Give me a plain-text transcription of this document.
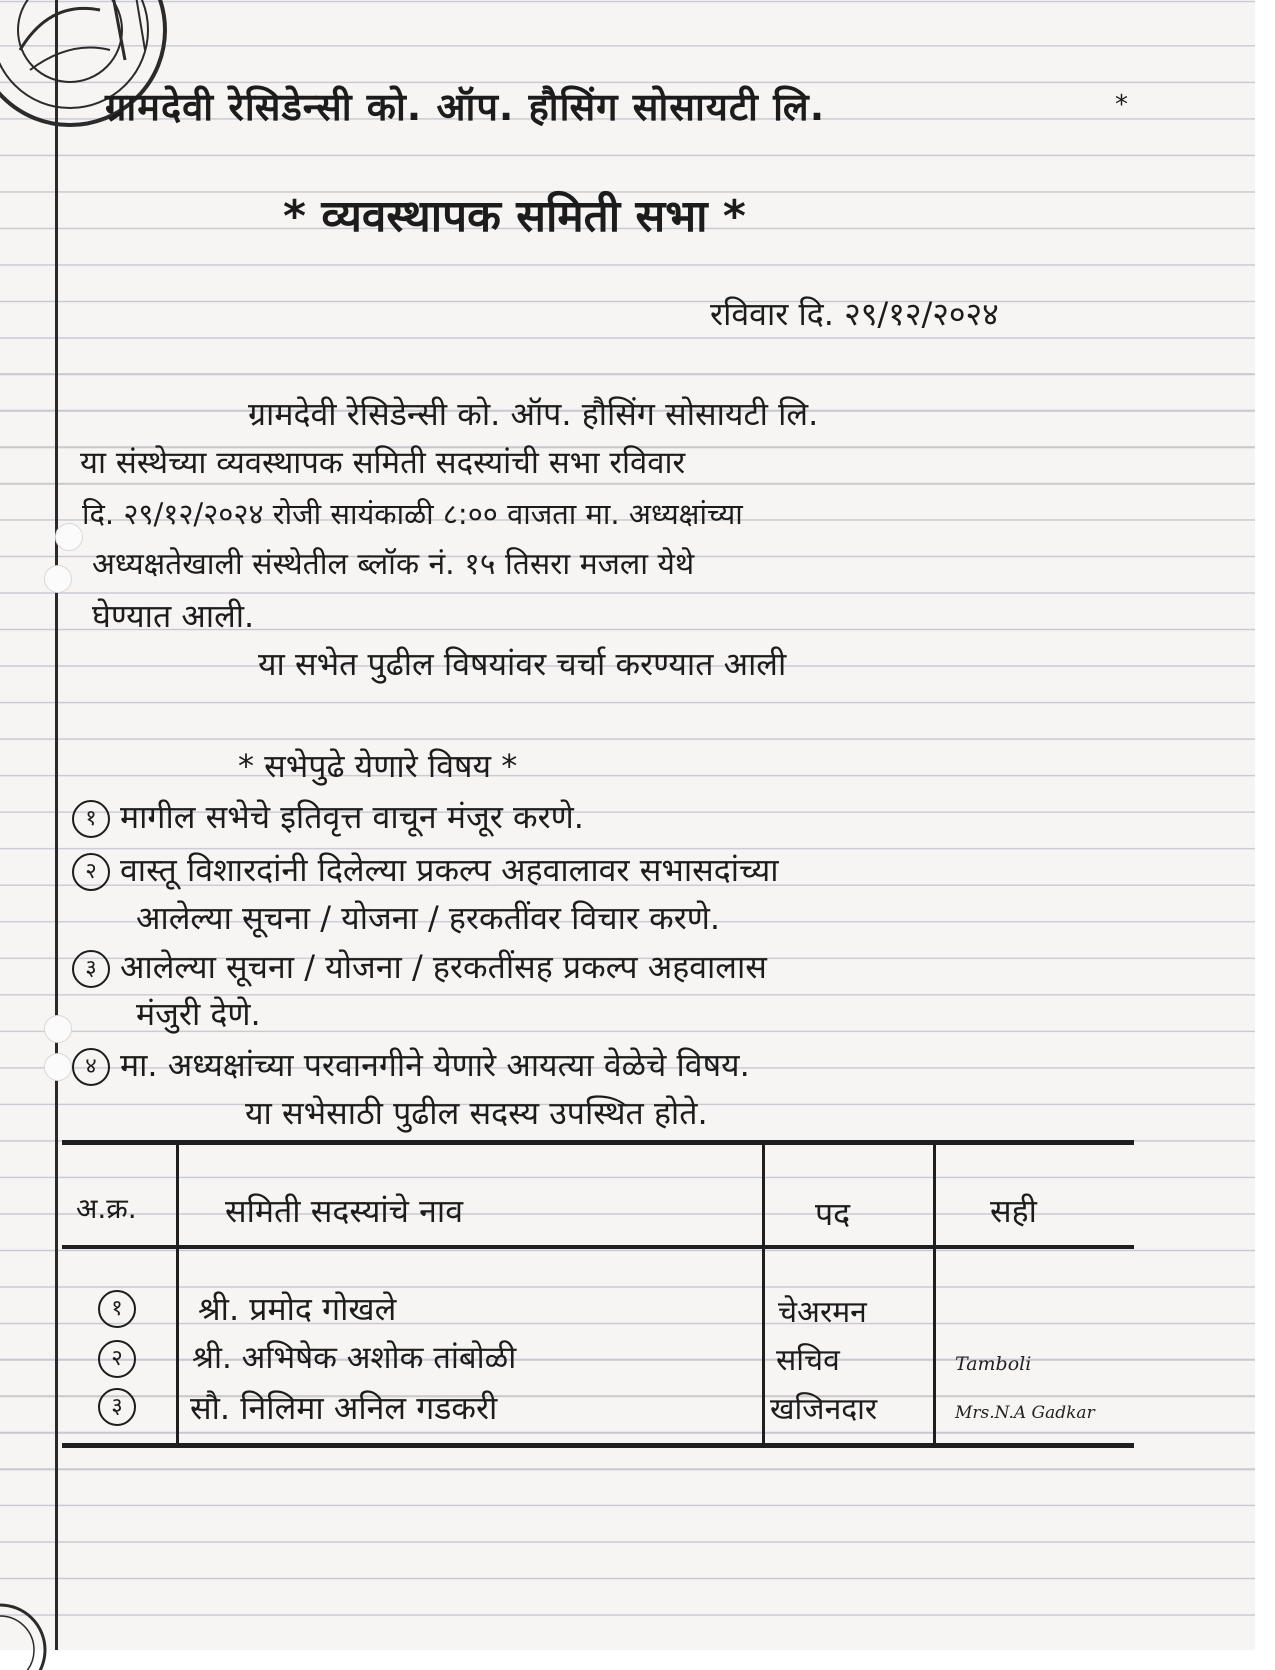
ग्रामदेवी रेसिडेन्सी को. ऑप. हौसिंग सोसायटी लि.	*
* व्यवस्थापक समिती सभा *
रविवार दि. २९/१२/२०२४
ग्रामदेवी रेसिडेन्सी को. ऑप. हौसिंग सोसायटी लि.
या संस्थेच्या व्यवस्थापक समिती सदस्यांची सभा रविवार
दि. २९/१२/२०२४ रोजी सायंकाळी ८:०० वाजता मा. अध्यक्षांच्या
अध्यक्षतेखाली संस्थेतील ब्लॉक नं. १५ तिसरा मजला येथे
घेण्यात आली.
या सभेत पुढील विषयांवर चर्चा करण्यात आली
* सभेपुढे येणारे विषय *
१ मागील सभेचे इतिवृत्त वाचून मंजूर करणे.
२ वास्तू विशारदांनी दिलेल्या प्रकल्प अहवालावर सभासदांच्या
आलेल्या सूचना / योजना / हरकतींवर विचार करणे.
३ आलेल्या सूचना / योजना / हरकतींसह प्रकल्प अहवालास
मंजुरी देणे.
४ मा. अध्यक्षांच्या परवानगीने येणारे आयत्या वेळेचे विषय.
या सभेसाठी पुढील सदस्य उपस्थित होते.
अ.क्र.	समिती सदस्यांचे नाव	पद	सही
१	श्री. प्रमोद गोखले	चेअरमन
२	श्री. अभिषेक अशोक तांबोळी	सचिव	Tamboli
३	सौ. निलिमा अनिल गडकरी	खजिनदार	Mrs.N.A Gadkar
